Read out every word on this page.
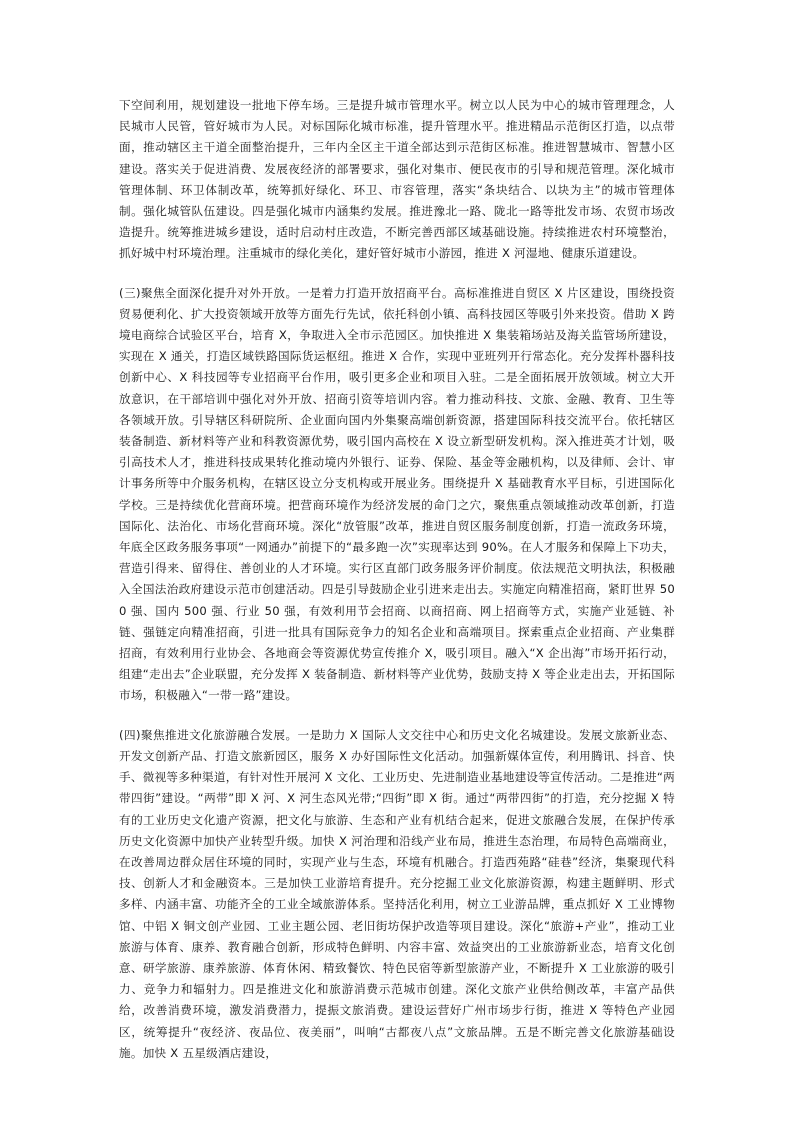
下空间利用，规划建设一批地下停车场。三是提升城市管理水平。树立以人民为中心的城市管理理念，人民城市人民管，管好城市为人民。对标国际化城市标准，提升管理水平。推进精品示范街区打造，以点带面，推动辖区主干道全面整治提升，三年内全区主干道全部达到示范街区标准。推进智慧城市、智慧小区建设。落实关于促进消费、发展夜经济的部署要求，强化对集市、便民夜市的引导和规范管理。深化城市管理体制、环卫体制改革，统筹抓好绿化、环卫、市容管理，落实“条块结合、以块为主”的城市管理体制。强化城管队伍建设。四是强化城市内涵集约发展。推进豫北一路、陇北一路等批发市场、农贸市场改造提升。统筹推进城乡建设，适时启动村庄改造，不断完善西部区域基础设施。持续推进农村环境整治，抓好城中村环境治理。注重城市的绿化美化，建好管好城市小游园，推进 X 河湿地、健康乐道建设。

(三)聚焦全面深化提升对外开放。一是着力打造开放招商平台。高标准推进自贸区 X 片区建设，围绕投资贸易便利化、扩大投资领域开放等方面先行先试，依托科创小镇、高科技园区等吸引外来投资。借助 X 跨境电商综合试验区平台，培育 X，争取进入全市示范园区。加快推进 X 集装箱场站及海关监管场所建设，实现在 X 通关，打造区域铁路国际货运枢纽。推进 X 合作，实现中亚班列开行常态化。充分发挥朴器科技创新中心、X 科技园等专业招商平台作用，吸引更多企业和项目入驻。二是全面拓展开放领域。树立大开放意识，在干部培训中强化对外开放、招商引资等培训内容。着力推动科技、文旅、金融、教育、卫生等各领域开放。引导辖区科研院所、企业面向国内外集聚高端创新资源，搭建国际科技交流平台。依托辖区装备制造、新材料等产业和科教资源优势，吸引国内高校在 X 设立新型研发机构。深入推进英才计划，吸引高技术人才，推进科技成果转化推动境内外银行、证券、保险、基金等金融机构，以及律师、会计、审计事务所等中介服务机构，在辖区设立分支机构或开展业务。围绕提升 X 基础教育水平目标，引进国际化学校。三是持续优化营商环境。把营商环境作为经济发展的命门之穴，聚焦重点领域推动改革创新，打造国际化、法治化、市场化营商环境。深化“放管服”改革，推进自贸区服务制度创新，打造一流政务环境，年底全区政务服务事项“一网通办”前提下的“最多跑一次”实现率达到 90%。在人才服务和保障上下功夫，营造引得来、留得住、善创业的人才环境。实行区直部门政务服务评价制度。依法规范文明执法，积极融入全国法治政府建设示范市创建活动。四是引导鼓励企业引进来走出去。实施定向精准招商，紧盯世界 500 强、国内 500 强、行业 50 强，有效利用节会招商、以商招商、网上招商等方式，实施产业延链、补链、强链定向精准招商，引进一批具有国际竞争力的知名企业和高端项目。探索重点企业招商、产业集群招商，有效利用行业协会、各地商会等资源优势宣传推介 X，吸引项目。融入“X 企出海”市场开拓行动，组建“走出去”企业联盟，充分发挥 X 装备制造、新材料等产业优势，鼓励支持 X 等企业走出去，开拓国际市场，积极融入“一带一路”建设。

(四)聚焦推进文化旅游融合发展。一是助力 X 国际人文交往中心和历史文化名城建设。发展文旅新业态、开发文创新产品、打造文旅新园区，服务 X 办好国际性文化活动。加强新媒体宣传，利用腾讯、抖音、快手、微视等多种渠道，有针对性开展河 X 文化、工业历史、先进制造业基地建设等宣传活动。二是推进“两带四街”建设。“两带”即 X 河、X 河生态风光带;“四街”即 X 街。通过“两带四街”的打造，充分挖掘 X 特有的工业历史文化遗产资源，把文化与旅游、生态和产业有机结合起来，促进文旅融合发展，在保护传承历史文化资源中加快产业转型升级。加快 X 河治理和沿线产业布局，推进生态治理，布局特色高端商业，在改善周边群众居住环境的同时，实现产业与生态，环境有机融合。打造西苑路“硅巷”经济，集聚现代科技、创新人才和金融资本。三是加快工业游培育提升。充分挖掘工业文化旅游资源，构建主题鲜明、形式多样、内涵丰富、功能齐全的工业全域旅游体系。坚持活化利用，树立工业游品牌，重点抓好 X 工业博物馆、中铝 X 铜文创产业园、工业主题公园、老旧街坊保护改造等项目建设。深化“旅游+产业”，推动工业旅游与体育、康养、教育融合创新，形成特色鲜明、内容丰富、效益突出的工业旅游新业态，培育文化创意、研学旅游、康养旅游、体育休闲、精致餐饮、特色民宿等新型旅游产业，不断提升 X 工业旅游的吸引力、竞争力和辐射力。四是推进文化和旅游消费示范城市创建。深化文旅产业供给侧改革，丰富产品供给，改善消费环境，激发消费潜力，提振文旅消费。建设运营好广州市场步行街，推进 X 等特色产业园区，统筹提升“夜经济、夜品位、夜美丽”，叫响“古都夜八点”文旅品牌。五是不断完善文化旅游基础设施。加快 X 五星级酒店建设，
